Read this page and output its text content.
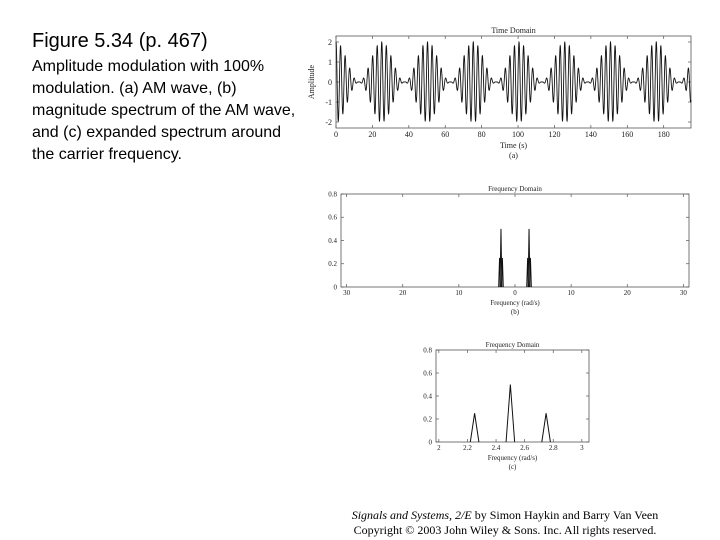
Figure 5.34 (p. 467)
Amplitude modulation with 100% modulation. (a) AM wave, (b) magnitude spectrum of the AM wave, and (c) expanded spectrum around the carrier frequency.
Time Domain
0	20	40	60	80	100	120	140	160	180
-2
-1
0
1
2
Time (s)
(a)
Amplitude
Frequency Domain
30	20	10	0	10	20	30
0
0.2
0.4
0.6
0.8
Frequency (rad/s)
(b)
Frequency Domain
2	2.2	2.4	2.6	2.8	3
0
0.2
0.4
0.6
0.8
Frequency (rad/s)
(c)
Signals and Systems, 2/E by Simon Haykin and Barry Van Veen
Copyright © 2003 John Wiley & Sons. Inc. All rights reserved.
